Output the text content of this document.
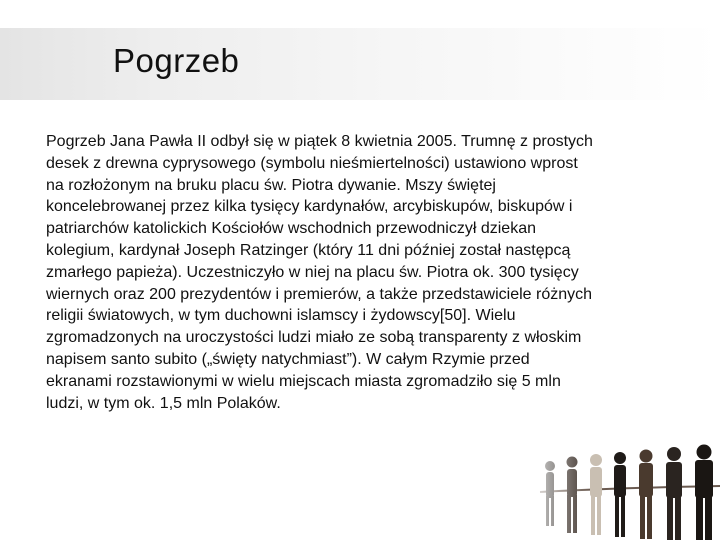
Pogrzeb

Pogrzeb Jana Pawła II odbył się w piątek 8 kwietnia 2005. Trumnę z prostych desek z drewna cyprysowego (symbolu nieśmiertelności) ustawiono wprost na rozłożonym na bruku placu św. Piotra dywanie. Mszy świętej koncelebrowanej przez kilka tysięcy kardynałów, arcybiskupów, biskupów i patriarchów katolickich Kościołów wschodnich przewodniczył dziekan kolegium, kardynał Joseph Ratzinger (który 11 dni później został następcą zmarłego papieża). Uczestniczyło w niej na placu św. Piotra ok. 300 tysięcy wiernych oraz 200 prezydentów i premierów, a także przedstawiciele różnych religii światowych, w tym duchowni islamscy i żydowscy[50]. Wielu zgromadzonych na uroczystości ludzi miało ze sobą transparenty z włoskim napisem santo subito („święty natychmiast”). W całym Rzymie przed ekranami rozstawionymi w wielu miejscach miasta zgromadziło się 5 mln ludzi, w tym ok. 1,5 mln Polaków.
